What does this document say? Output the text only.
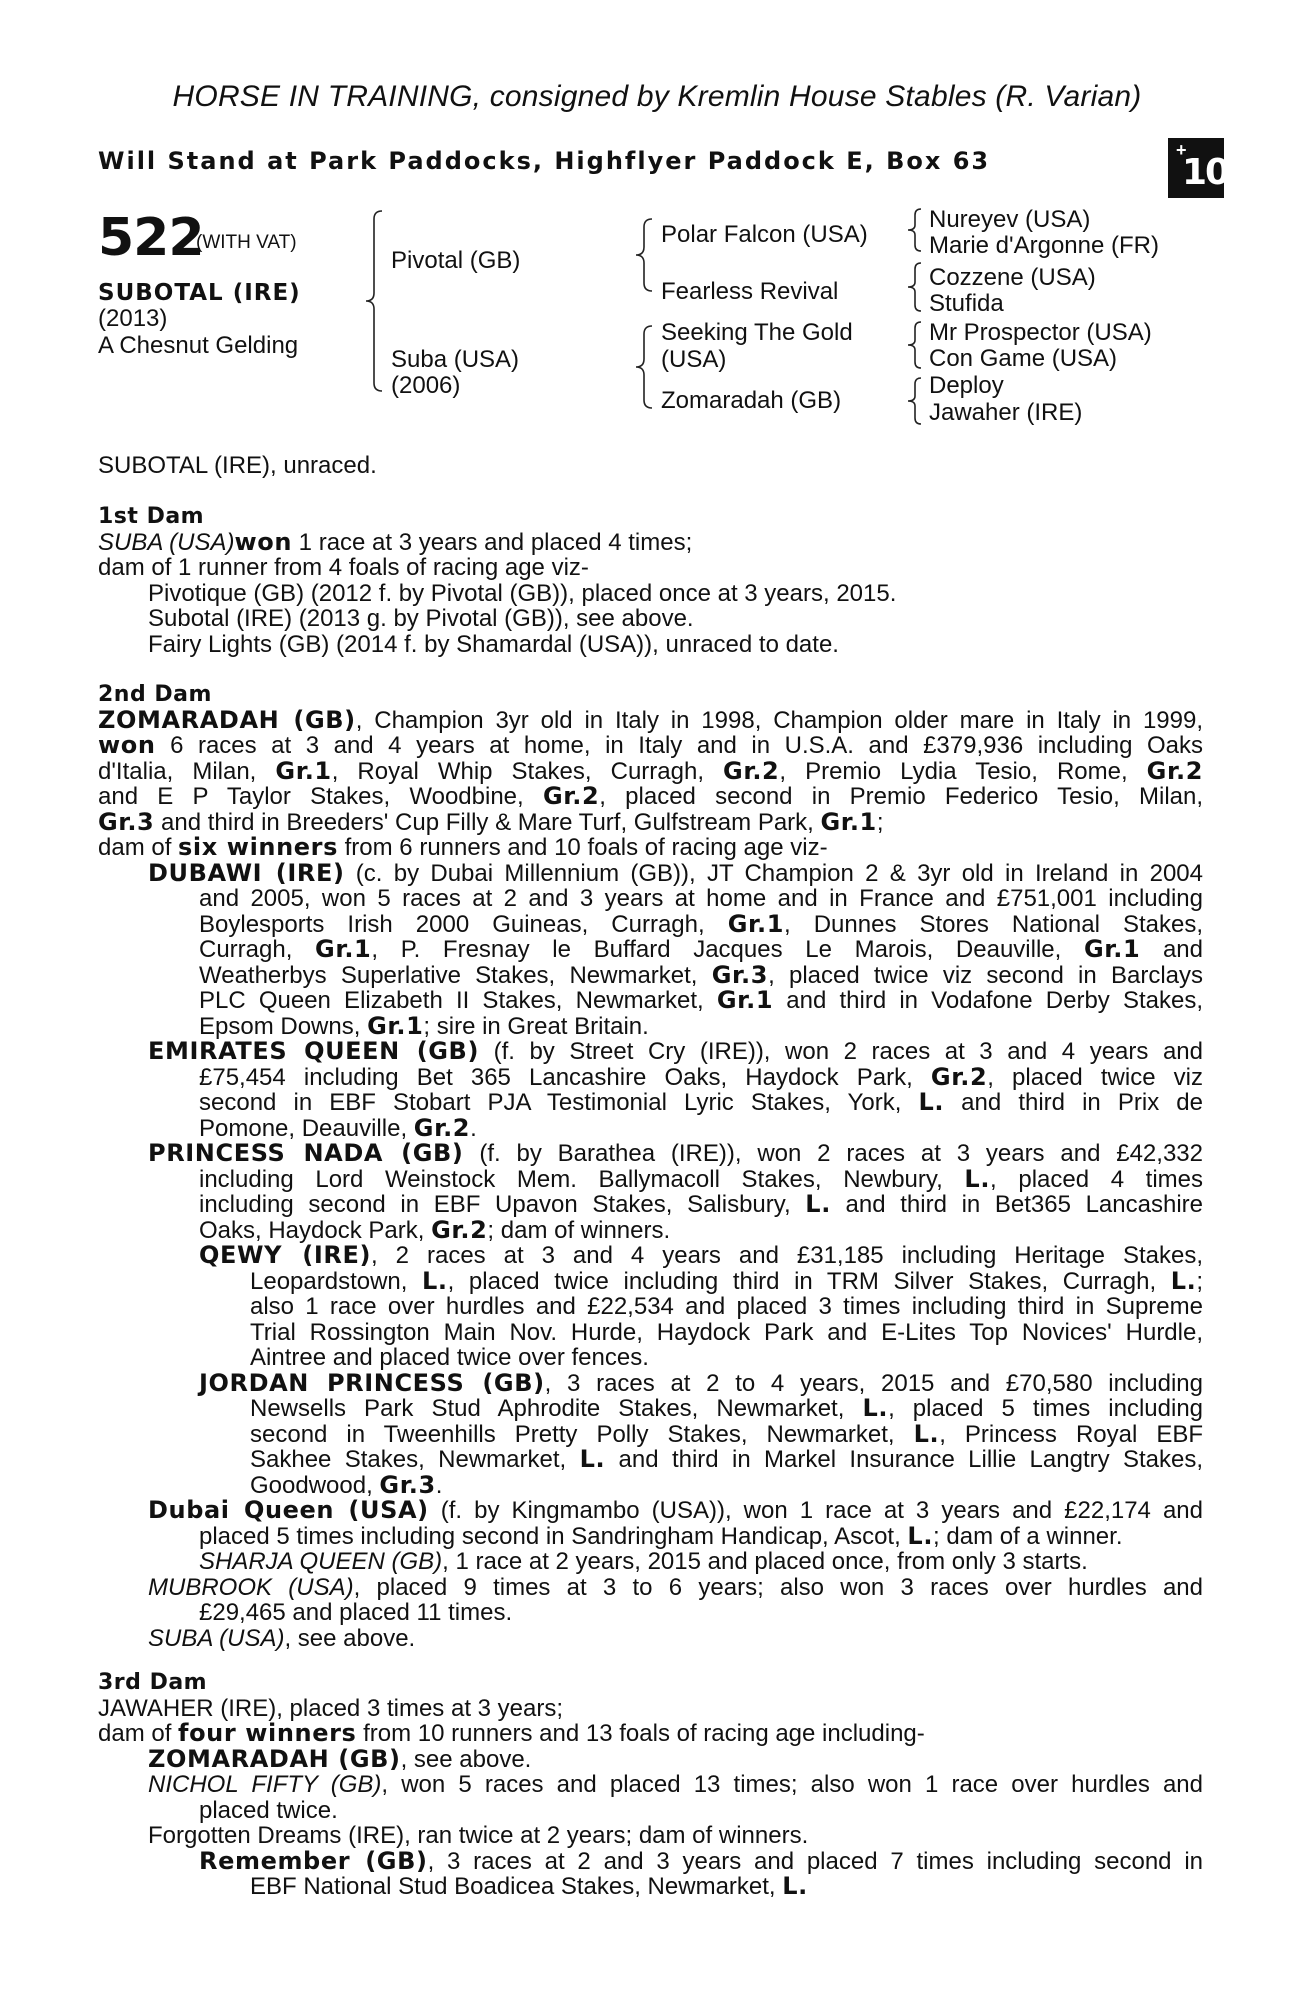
HORSE IN TRAINING, consigned by Kremlin House Stables (R. Varian)
Will Stand at Park Paddocks, Highflyer Paddock E, Box 63	+
10
522
(WITH VAT)
SUBOTAL (IRE)
(2013)
A Chesnut Gelding
Pivotal (GB)
Suba (USA)
(2006)
Polar Falcon (USA)
Fearless Revival
Seeking The Gold
(USA)
Zomaradah (GB)
Nureyev (USA)
Marie d'Argonne (FR)
Cozzene (USA)
Stufida
Mr Prospector (USA)
Con Game (USA)
Deploy
Jawaher (IRE)
SUBOTAL (IRE), unraced.
1st Dam
SUBA (USA)won 1 race at 3 years and placed 4 times;
dam of 1 runner from 4 foals of racing age viz-
Pivotique (GB) (2012 f. by Pivotal (GB)), placed once at 3 years, 2015.
Subotal (IRE) (2013 g. by Pivotal (GB)), see above.
Fairy Lights (GB) (2014 f. by Shamardal (USA)), unraced to date.
2nd Dam
ZOMARADAH (GB), Champion 3yr old in Italy in 1998, Champion older mare in Italy in 1999,
won 6 races at 3 and 4 years at home, in Italy and in U.S.A. and £379,936 including Oaks
d'Italia, Milan, Gr.1, Royal Whip Stakes, Curragh, Gr.2, Premio Lydia Tesio, Rome, Gr.2
and E P Taylor Stakes, Woodbine, Gr.2, placed second in Premio Federico Tesio, Milan,
Gr.3 and third in Breeders' Cup Filly & Mare Turf, Gulfstream Park, Gr.1;
dam of six winners from 6 runners and 10 foals of racing age viz-
DUBAWI (IRE) (c. by Dubai Millennium (GB)), JT Champion 2 & 3yr old in Ireland in 2004
and 2005, won 5 races at 2 and 3 years at home and in France and £751,001 including
Boylesports Irish 2000 Guineas, Curragh, Gr.1, Dunnes Stores National Stakes,
Curragh, Gr.1, P. Fresnay le Buffard Jacques Le Marois, Deauville, Gr.1 and
Weatherbys Superlative Stakes, Newmarket, Gr.3, placed twice viz second in Barclays
PLC Queen Elizabeth II Stakes, Newmarket, Gr.1 and third in Vodafone Derby Stakes,
Epsom Downs, Gr.1; sire in Great Britain.
EMIRATES QUEEN (GB) (f. by Street Cry (IRE)), won 2 races at 3 and 4 years and
£75,454 including Bet 365 Lancashire Oaks, Haydock Park, Gr.2, placed twice viz
second in EBF Stobart PJA Testimonial Lyric Stakes, York, L. and third in Prix de
Pomone, Deauville, Gr.2.
PRINCESS NADA (GB) (f. by Barathea (IRE)), won 2 races at 3 years and £42,332
including Lord Weinstock Mem. Ballymacoll Stakes, Newbury, L., placed 4 times
including second in EBF Upavon Stakes, Salisbury, L. and third in Bet365 Lancashire
Oaks, Haydock Park, Gr.2; dam of winners.
QEWY (IRE), 2 races at 3 and 4 years and £31,185 including Heritage Stakes,
Leopardstown, L., placed twice including third in TRM Silver Stakes, Curragh, L.;
also 1 race over hurdles and £22,534 and placed 3 times including third in Supreme
Trial Rossington Main Nov. Hurde, Haydock Park and E-Lites Top Novices' Hurdle,
Aintree and placed twice over fences.
JORDAN PRINCESS (GB), 3 races at 2 to 4 years, 2015 and £70,580 including
Newsells Park Stud Aphrodite Stakes, Newmarket, L., placed 5 times including
second in Tweenhills Pretty Polly Stakes, Newmarket, L., Princess Royal EBF
Sakhee Stakes, Newmarket, L. and third in Markel Insurance Lillie Langtry Stakes,
Goodwood, Gr.3.
Dubai Queen (USA) (f. by Kingmambo (USA)), won 1 race at 3 years and £22,174 and
placed 5 times including second in Sandringham Handicap, Ascot, L.; dam of a winner.
SHARJA QUEEN (GB), 1 race at 2 years, 2015 and placed once, from only 3 starts.
MUBROOK (USA), placed 9 times at 3 to 6 years; also won 3 races over hurdles and
£29,465 and placed 11 times.
SUBA (USA), see above.
3rd Dam
JAWAHER (IRE), placed 3 times at 3 years;
dam of four winners from 10 runners and 13 foals of racing age including-
ZOMARADAH (GB), see above.
NICHOL FIFTY (GB), won 5 races and placed 13 times; also won 1 race over hurdles and
placed twice.
Forgotten Dreams (IRE), ran twice at 2 years; dam of winners.
Remember (GB), 3 races at 2 and 3 years and placed 7 times including second in
EBF National Stud Boadicea Stakes, Newmarket, L.
